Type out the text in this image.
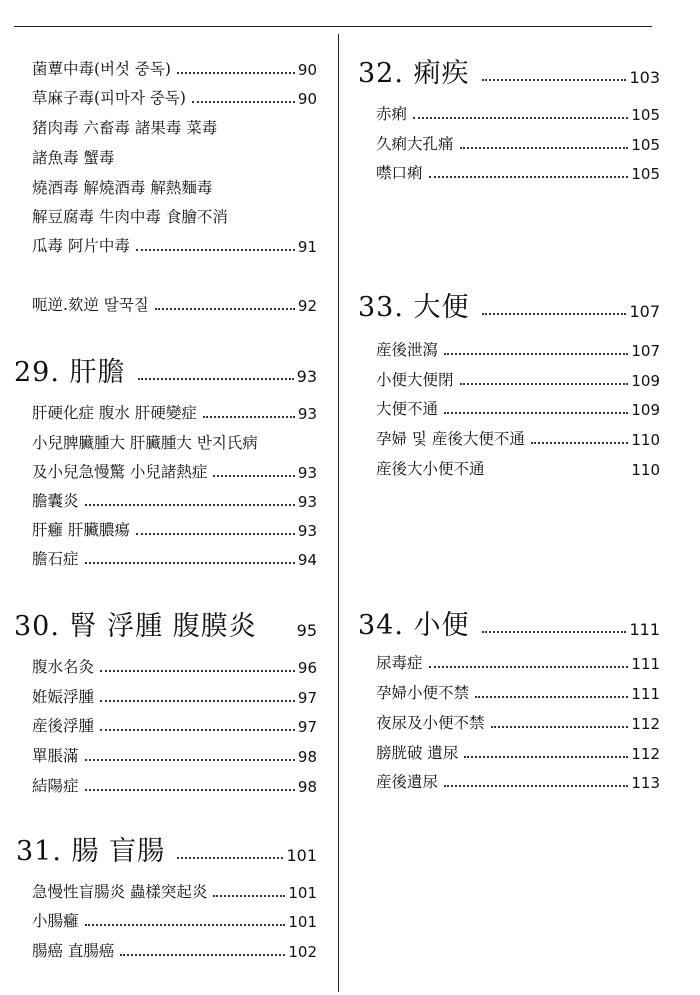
菌蕈中毒(버섯 중독)	90
草麻子毒(피마자 중독)	90
猪肉毒 六畜毒 諸果毒 菜毒
諸魚毒 蟹毒
燒酒毒 解燒酒毒 解熱麵毒
解豆腐毒 牛肉中毒 食膾不消
瓜毒 阿片中毒	91
呃逆.欬逆 딸꾹질	92
29. 肝膽	93
肝硬化症 腹水 肝硬變症	93
小兒脾臟腫大 肝臟腫大 반지氏病
及小兒急慢驚 小兒諸熱症	93
膽囊炎	93
肝癰 肝臟膿瘍	93
膽石症	94
30. 腎 浮腫 腹膜炎 95
腹水名灸	96
姙娠浮腫	97
産後浮腫	97
單脹滿	98
結陽症	98
31. 腸 盲腸	101
急慢性盲腸炎 蟲樣突起炎	101
小腸癰	101
腸癌 直腸癌	102
32. 痢疾	103
赤痢	105
久痢大孔痛	105
噤口痢	105
33. 大便	107
産後泄瀉	107
小便大便閉	109
大便不通	109
孕婦 및 産後大便不通	110
産後大小便不通	110
34. 小便	111
尿毒症	111
孕婦小便不禁	111
夜尿及小便不禁	112
膀胱破 遺尿	112
産後遺尿	113
